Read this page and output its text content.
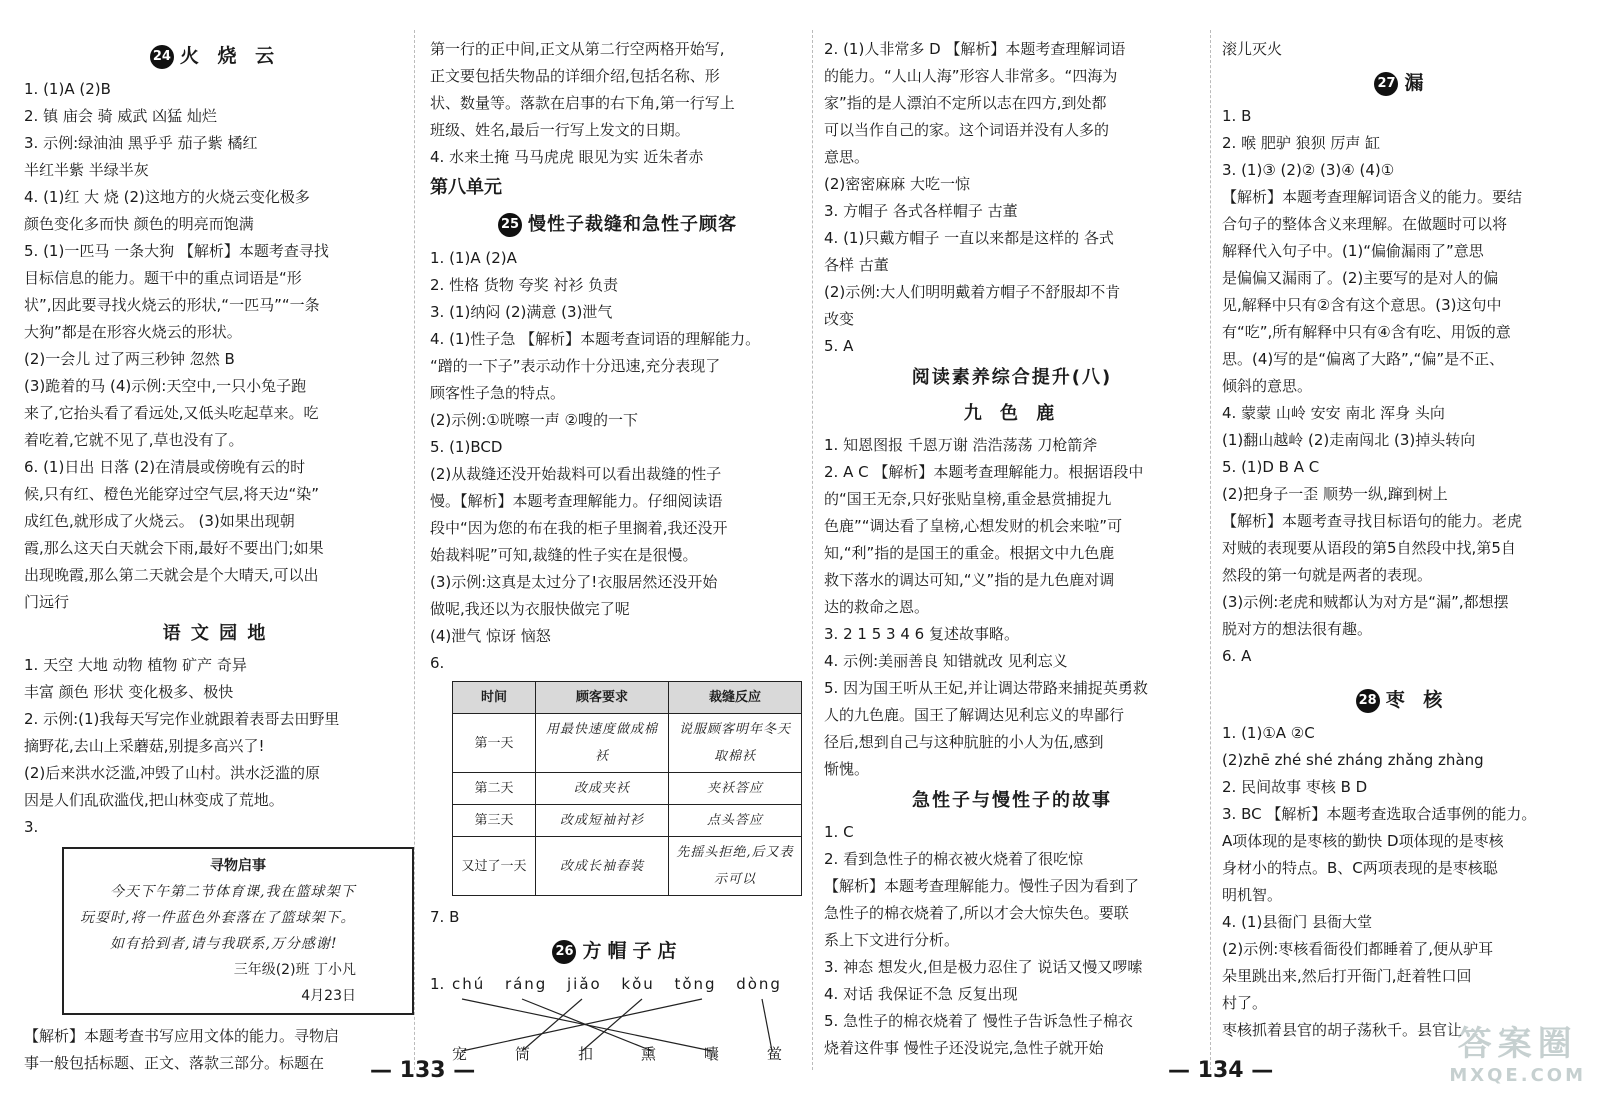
24 火 烧 云
1. (1)A (2)B
2. 镇 庙会 骑 威武 凶猛 灿烂
3. 示例:绿油油 黑乎乎 茄子紫 橘红
半红半紫 半绿半灰
4. (1)红 大 烧 (2)这地方的火烧云变化极多
颜色变化多而快 颜色的明亮而饱满
5. (1)一匹马 一条大狗 【解析】本题考查寻找
目标信息的能力。题干中的重点词语是“形
状”,因此要寻找火烧云的形状,“一匹马”“一条
大狗”都是在形容火烧云的形状。
(2)一会儿 过了两三秒钟 忽然 B
(3)跪着的马 (4)示例:天空中,一只小兔子跑
来了,它抬头看了看远处,又低头吃起草来。吃
着吃着,它就不见了,草也没有了。
6. (1)日出 日落 (2)在清晨或傍晚有云的时
候,只有红、橙色光能穿过空气层,将天边“染”
成红色,就形成了火烧云。 (3)如果出现朝
霞,那么这天白天就会下雨,最好不要出门;如果
出现晚霞,那么第二天就会是个大晴天,可以出
门远行
语 文 园 地
1. 天空 大地 动物 植物 矿产 奇异
丰富 颜色 形状 变化极多、极快
2. 示例:(1)我每天写完作业就跟着表哥去田野里
摘野花,去山上采蘑菇,别提多高兴了!
(2)后来洪水泛滥,冲毁了山村。洪水泛滥的原
因是人们乱砍滥伐,把山林变成了荒地。
3.
寻物启事
　　今天下午第二节体育课,我在篮球架下
玩耍时,将一件蓝色外套落在了篮球架下。
　　如有拾到者,请与我联系,万分感谢!
三年级(2)班 丁小凡
4月23日
【解析】本题考查书写应用文体的能力。寻物启
事一般包括标题、正文、落款三部分。标题在
第一行的正中间,正文从第二行空两格开始写,
正文要包括失物品的详细介绍,包括名称、形
状、数量等。落款在启事的右下角,第一行写上
班级、姓名,最后一行写上发文的日期。
4. 水来土掩 马马虎虎 眼见为实 近朱者赤
第八单元
25 慢性子裁缝和急性子顾客
1. (1)A (2)A
2. 性格 货物 夸奖 衬衫 负责
3. (1)纳闷 (2)满意 (3)泄气
4. (1)性子急 【解析】本题考查词语的理解能力。
“蹭的一下子”表示动作十分迅速,充分表现了
顾客性子急的特点。
(2)示例:①咣嚓一声 ②嗖的一下
5. (1)BCD
(2)从裁缝还没开始裁料可以看出裁缝的性子
慢。【解析】本题考查理解能力。仔细阅读语
段中“因为您的布在我的柜子里搁着,我还没开
始裁料呢”可知,裁缝的性子实在是很慢。
(3)示例:这真是太过分了!衣服居然还没开始
做呢,我还以为衣服快做完了呢
(4)泄气 惊讶 恼怒
6.
时间	顾客要求	裁缝反应
第一天	用最快速度做成棉袄	说服顾客明年冬天取棉袄
第二天	改成夹袄	夹袄答应
第三天	改成短袖衬衫	点头答应
又过了一天	改成长袖春装	先摇头拒绝,后又表示可以
7. B
26 方帽子店
1. chú ráng jiǎo kǒu tǒng dòng
宠	筒	扣	熏	囔	鲎
2. (1)人非常多 D 【解析】本题考查理解词语
的能力。“人山人海”形容人非常多。“四海为
家”指的是人漂泊不定所以志在四方,到处都
可以当作自己的家。这个词语并没有人多的
意思。
(2)密密麻麻 大吃一惊
3. 方帽子 各式各样帽子 古董
4. (1)只戴方帽子 一直以来都是这样的 各式
各样 古董
(2)示例:大人们明明戴着方帽子不舒服却不肯
改变
5. A
阅读素养综合提升(八)
九 色 鹿
1. 知恩图报 千恩万谢 浩浩荡荡 刀枪箭斧
2. A C 【解析】本题考查理解能力。根据语段中
的“国王无奈,只好张贴皇榜,重金悬赏捕捉九
色鹿”“调达看了皇榜,心想发财的机会来啦”可
知,“利”指的是国王的重金。根据文中九色鹿
救下落水的调达可知,“义”指的是九色鹿对调
达的救命之恩。
3. 2 1 5 3 4 6 复述故事略。
4. 示例:美丽善良 知错就改 见利忘义
5. 因为国王听从王妃,并让调达带路来捕捉英勇救
人的九色鹿。国王了解调达见利忘义的卑鄙行
径后,想到自己与这种肮脏的小人为伍,感到
惭愧。
急性子与慢性子的故事
1. C
2. 看到急性子的棉衣被火烧着了很吃惊
【解析】本题考查理解能力。慢性子因为看到了
急性子的棉衣烧着了,所以才会大惊失色。要联
系上下文进行分析。
3. 神态 想发火,但是极力忍住了 说话又慢又啰嗦
4. 对话 我保证不急 反复出现
5. 急性子的棉衣烧着了 慢性子告诉急性子棉衣
烧着这件事 慢性子还没说完,急性子就开始
滚儿灭火
27 漏
1. B
2. 喉 肥驴 狼狈 厉声 缸
3. (1)③ (2)② (3)④ (4)①
【解析】本题考查理解词语含义的能力。要结
合句子的整体含义来理解。在做题时可以将
解释代入句子中。(1)“偏偷漏雨了”意思
是偏偏又漏雨了。(2)主要写的是对人的偏
见,解释中只有②含有这个意思。(3)这句中
有“吃”,所有解释中只有④含有吃、用饭的意
思。(4)写的是“偏离了大路”,“偏”是不正、
倾斜的意思。
4. 蒙蒙 山岭 安安 南北 浑身 头向
(1)翻山越岭 (2)走南闯北 (3)掉头转向
5. (1)D B A C
(2)把身子一歪 顺势一纵,蹿到树上
【解析】本题考查寻找目标语句的能力。老虎
对贼的表现要从语段的第5自然段中找,第5自
然段的第一句就是两者的表现。
(3)示例:老虎和贼都认为对方是“漏”,都想摆
脱对方的想法很有趣。
6. A
28 枣 核
1. (1)①A ②C
(2)zhē zhé shé zháng zhǎng zhàng
2. 民间故事 枣核 B D
3. BC 【解析】本题考查选取合适事例的能力。
A项体现的是枣核的勤快 D项体现的是枣核
身材小的特点。B、C两项表现的是枣核聪
明机智。
4. (1)县衙门 县衙大堂
(2)示例:枣核看衙役们都睡着了,便从驴耳
朵里跳出来,然后打开衙门,赶着牲口回
村了。
枣核抓着县官的胡子荡秋千。县官让
— 133 —	— 134 —
答案圈
MXQE.COM
